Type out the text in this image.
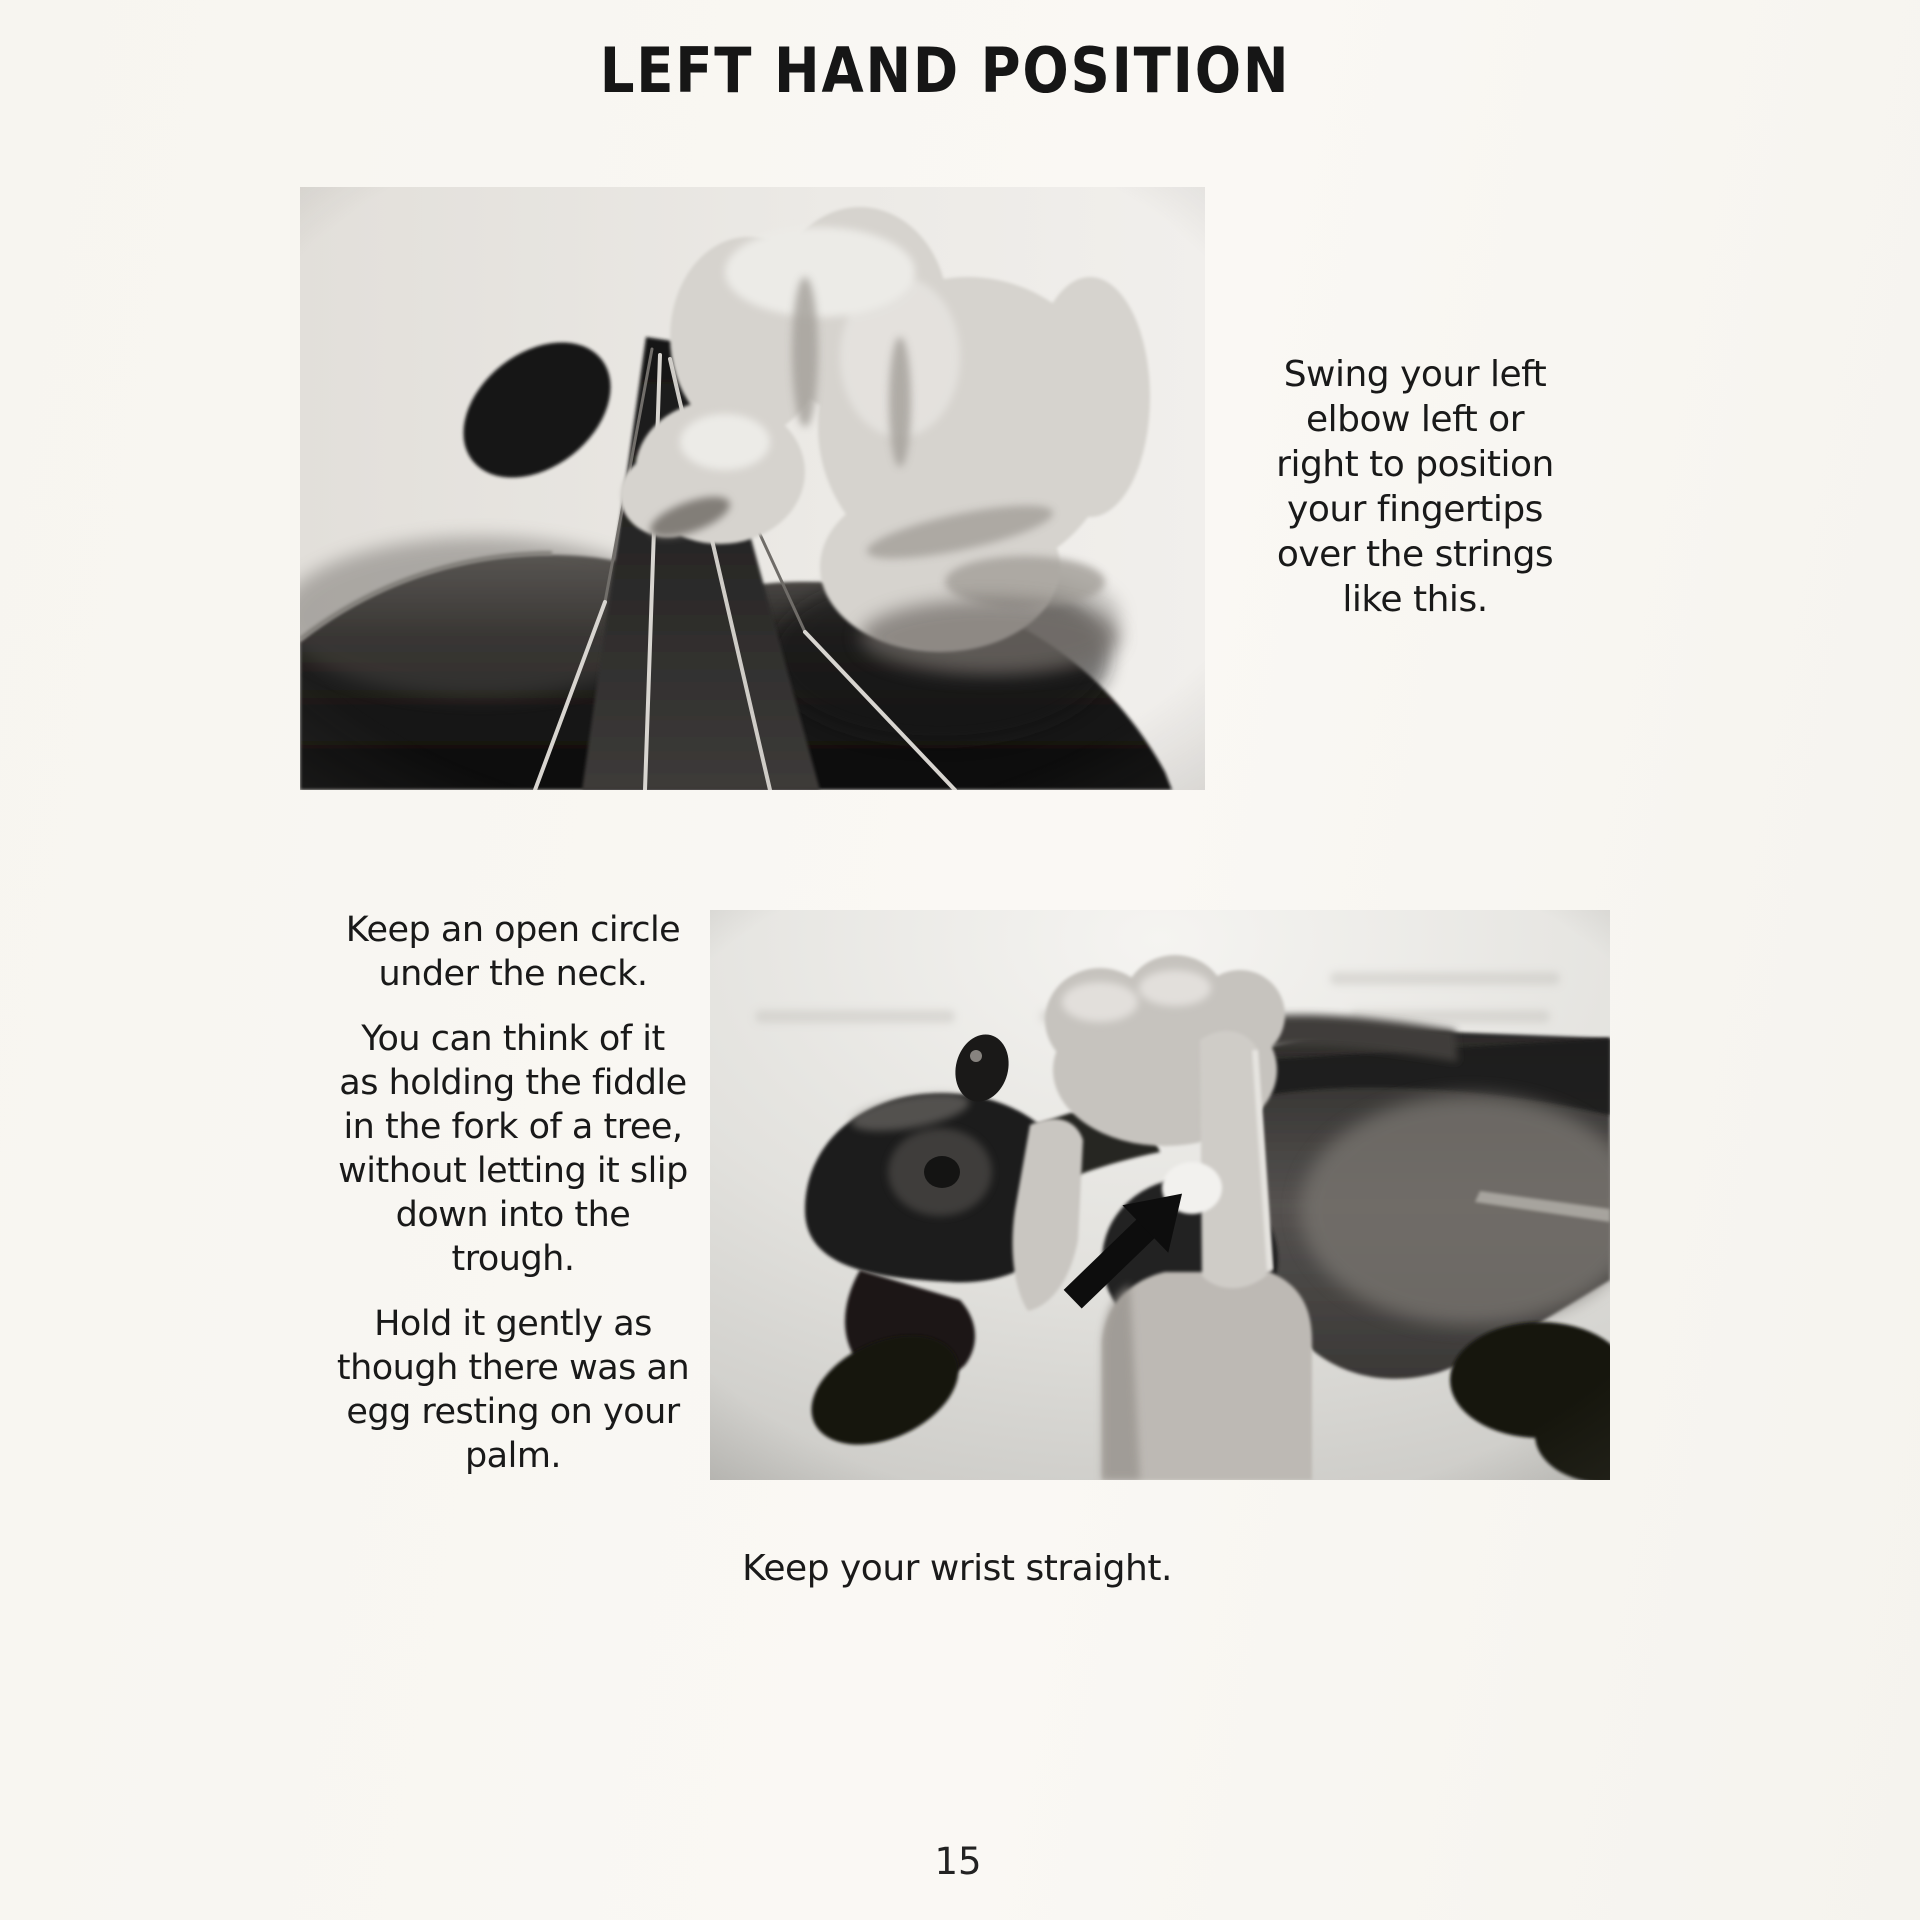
LEFT HAND POSITION
Swing your left
elbow left or
right to position
your fingertips
over the strings
like this.

Keep an open circle
under the neck.

You can think of it
as holding the fiddle
in the fork of a tree,
without letting it slip
down into the
trough.

Hold it gently as
though there was an
egg resting on your
palm.

Keep your wrist straight.
15
